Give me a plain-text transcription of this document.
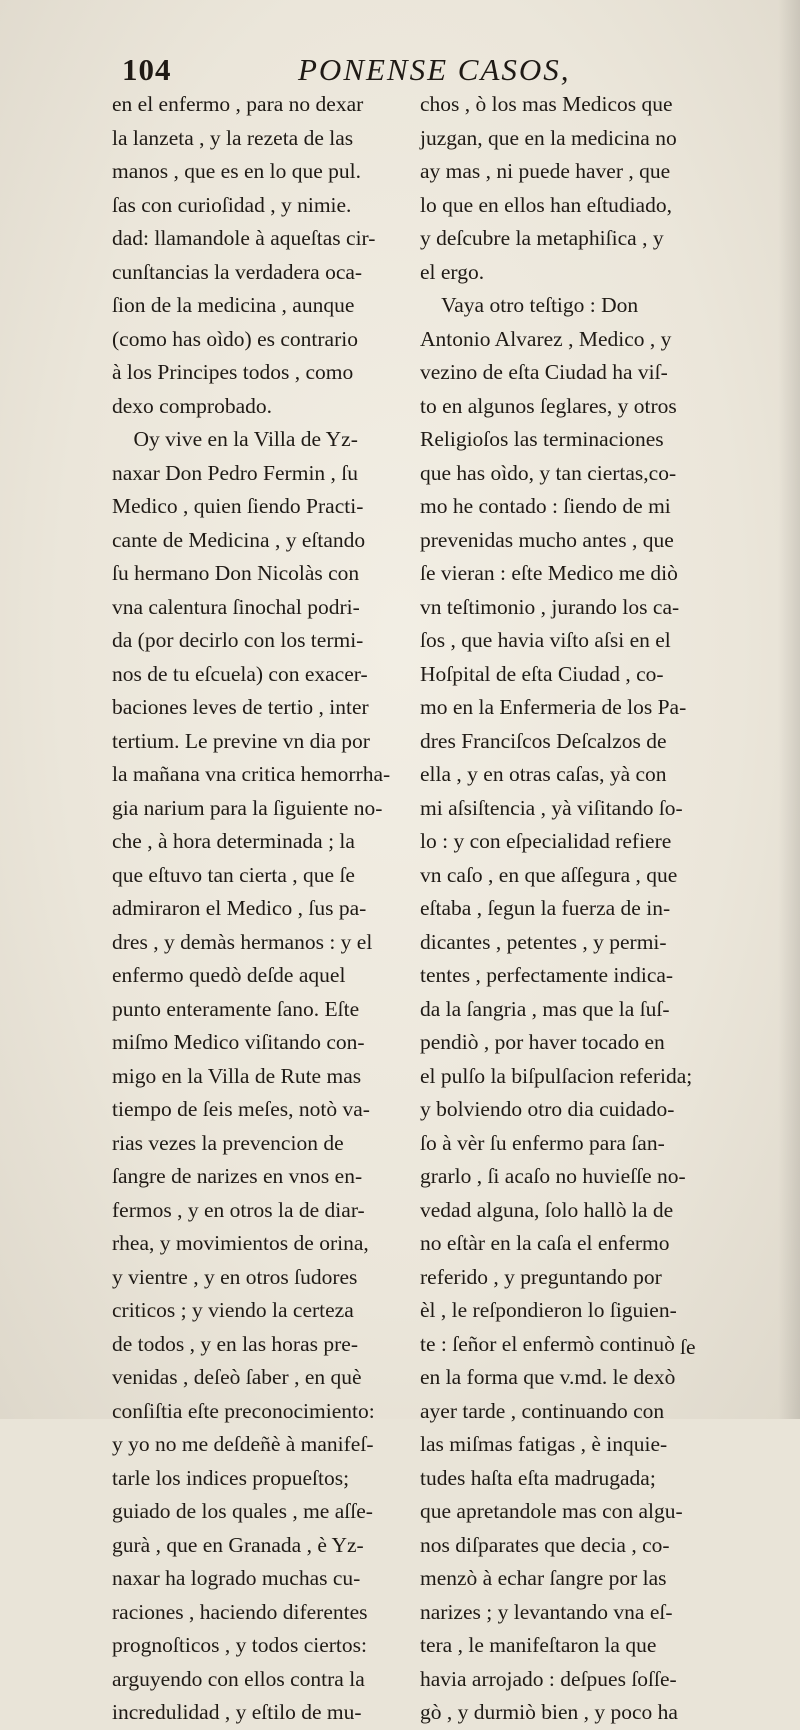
104	PONENSE CASOS,
en el enfermo , para no dexar
la lanzeta , y la rezeta de las
manos , que es en lo que pul.
ſas con curioſidad , y nimie.
dad: llamandole à aqueſtas cir-
cunſtancias la verdadera oca-
ſion de la medicina , aunque
(como has oìdo) es contrario
à los Principes todos , como
dexo comprobado.
Oy vive en la Villa de Yz-
naxar Don Pedro Fermin , ſu
Medico , quien ſiendo Practi-
cante de Medicina , y eſtando
ſu hermano Don Nicolàs con
vna calentura ſinochal podri-
da (por decirlo con los termi-
nos de tu eſcuela) con exacer-
baciones leves de tertio , inter
tertium. Le previne vn dia por
la mañana vna critica hemorrha-
gia narium para la ſiguiente no-
che , à hora determinada ; la
que eſtuvo tan cierta , que ſe
admiraron el Medico , ſus pa-
dres , y demàs hermanos : y el
enfermo quedò deſde aquel
punto enteramente ſano. Eſte
miſmo Medico viſitando con-
migo en la Villa de Rute mas
tiempo de ſeis meſes, notò va-
rias vezes la prevencion de
ſangre de narizes en vnos en-
fermos , y en otros la de diar-
rhea, y movimientos de orina,
y vientre , y en otros ſudores
criticos ; y viendo la certeza
de todos , y en las horas pre-
venidas , deſeò ſaber , en què
conſiſtia eſte preconocimiento:
y yo no me deſdeñè à manifeſ-
tarle los indices propueſtos;
guiado de los quales , me aſſe-
gurà , que en Granada , è Yz-
naxar ha logrado muchas cu-
raciones , haciendo diferentes
prognoſticos , y todos ciertos:
arguyendo con ellos contra la
incredulidad , y eſtilo de mu-
chos , ò los mas Medicos que
juzgan, que en la medicina no
ay mas , ni puede haver , que
lo que en ellos han eſtudiado,
y deſcubre la metaphiſica , y
el ergo.
Vaya otro teſtigo : Don
Antonio Alvarez , Medico , y
vezino de eſta Ciudad ha viſ-
to en algunos ſeglares, y otros
Religioſos las terminaciones
que has oìdo, y tan ciertas,co-
mo he contado : ſiendo de mi
prevenidas mucho antes , que
ſe vieran : eſte Medico me diò
vn teſtimonio , jurando los ca-
ſos , que havia viſto aſsi en el
Hoſpital de eſta Ciudad , co-
mo en la Enfermeria de los Pa-
dres Franciſcos Deſcalzos de
ella , y en otras caſas, yà con
mi aſsiſtencia , yà viſitando ſo-
lo : y con eſpecialidad refiere
vn caſo , en que aſſegura , que
eſtaba , ſegun la fuerza de in-
dicantes , petentes , y permi-
tentes , perfectamente indica-
da la ſangria , mas que la ſuſ-
pendiò , por haver tocado en
el pulſo la biſpulſacion referida;
y bolviendo otro dia cuidado-
ſo à vèr ſu enfermo para ſan-
grarlo , ſi acaſo no huvieſſe no-
vedad alguna, ſolo hallò la de
no eſtàr en la caſa el enfermo
referido , y preguntando por
èl , le reſpondieron lo ſiguien-
te : ſeñor el enfermò continuò
en la forma que v.md. le dexò
ayer tarde , continuando con
las miſmas fatigas , è inquie-
tudes haſta eſta madrugada;
que apretandole mas con algu-
nos diſparates que decia , co-
menzò à echar ſangre por las
narizes ; y levantando vna eſ-
tera , le manifeſtaron la que
havia arrojado : deſpues ſoſſe-
gò , y durmiò bien , y poco ha
ſe
